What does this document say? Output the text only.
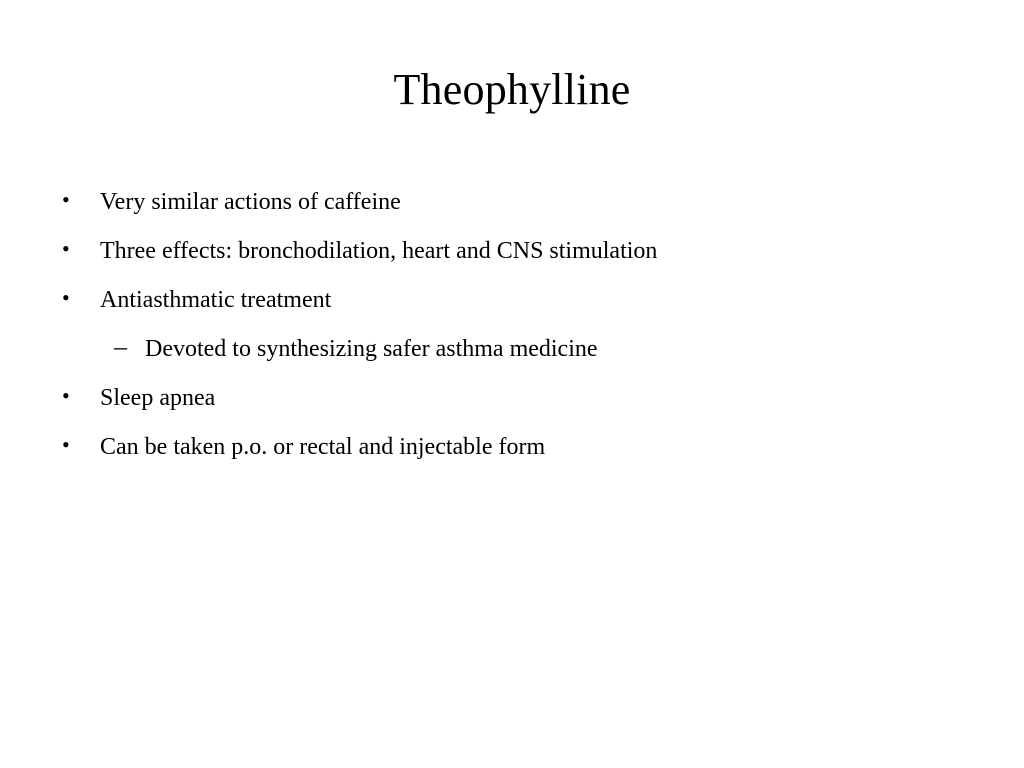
Theophylline
• Very similar actions of caffeine
• Three effects: bronchodilation, heart and CNS stimulation
• Antiasthmatic treatment
– Devoted to synthesizing safer asthma medicine
• Sleep apnea
• Can be taken p.o. or rectal and injectable form
